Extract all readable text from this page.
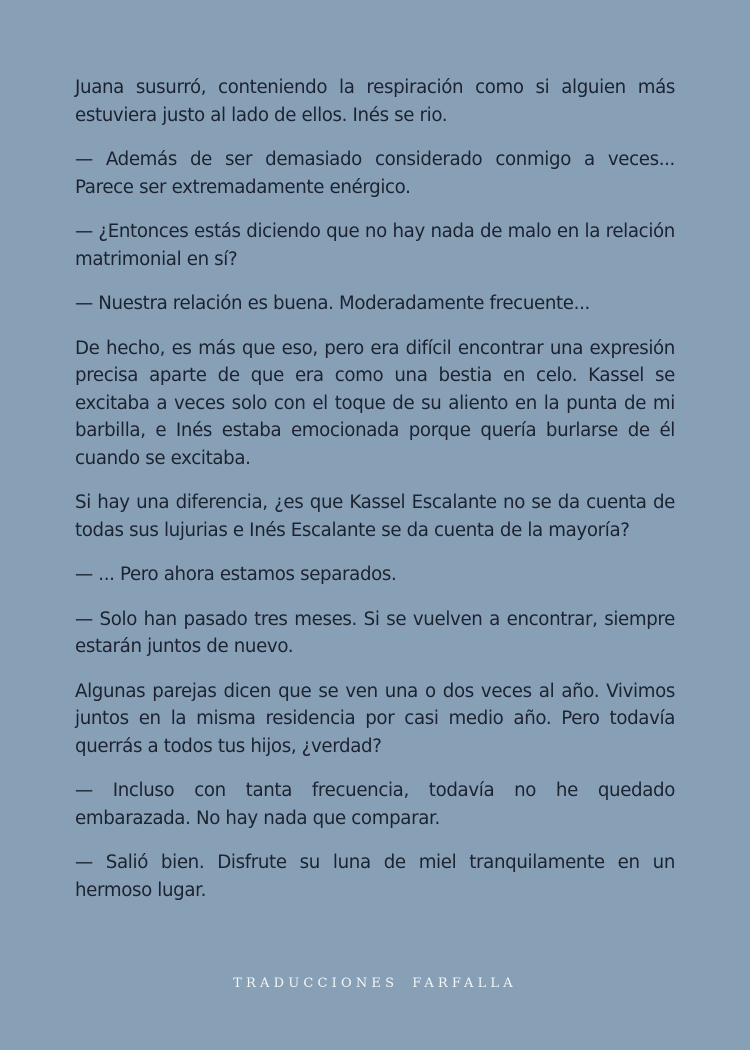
Juana susurró, conteniendo la respiración como si alguien más estuviera justo al lado de ellos. Inés se rio.

— Además de ser demasiado considerado conmigo a veces... Parece ser extremadamente enérgico.

— ¿Entonces estás diciendo que no hay nada de malo en la relación matrimonial en sí?

— Nuestra relación es buena. Moderadamente frecuente...

De hecho, es más que eso, pero era difícil encontrar una expresión precisa aparte de que era como una bestia en celo. Kassel se excitaba a veces solo con el toque de su aliento en la punta de mi barbilla, e Inés estaba emocionada porque quería burlarse de él cuando se excitaba.

Si hay una diferencia, ¿es que Kassel Escalante no se da cuenta de todas sus lujurias e Inés Escalante se da cuenta de la mayoría?

— ... Pero ahora estamos separados.

— Solo han pasado tres meses. Si se vuelven a encontrar, siempre estarán juntos de nuevo.

Algunas parejas dicen que se ven una o dos veces al año. Vivimos juntos en la misma residencia por casi medio año. Pero todavía querrás a todos tus hijos, ¿verdad?

— Incluso con tanta frecuencia, todavía no he quedado embarazada. No hay nada que comparar.

— Salió bien. Disfrute su luna de miel tranquilamente en un hermoso lugar.

TRADUCCIONES FARFALLA
